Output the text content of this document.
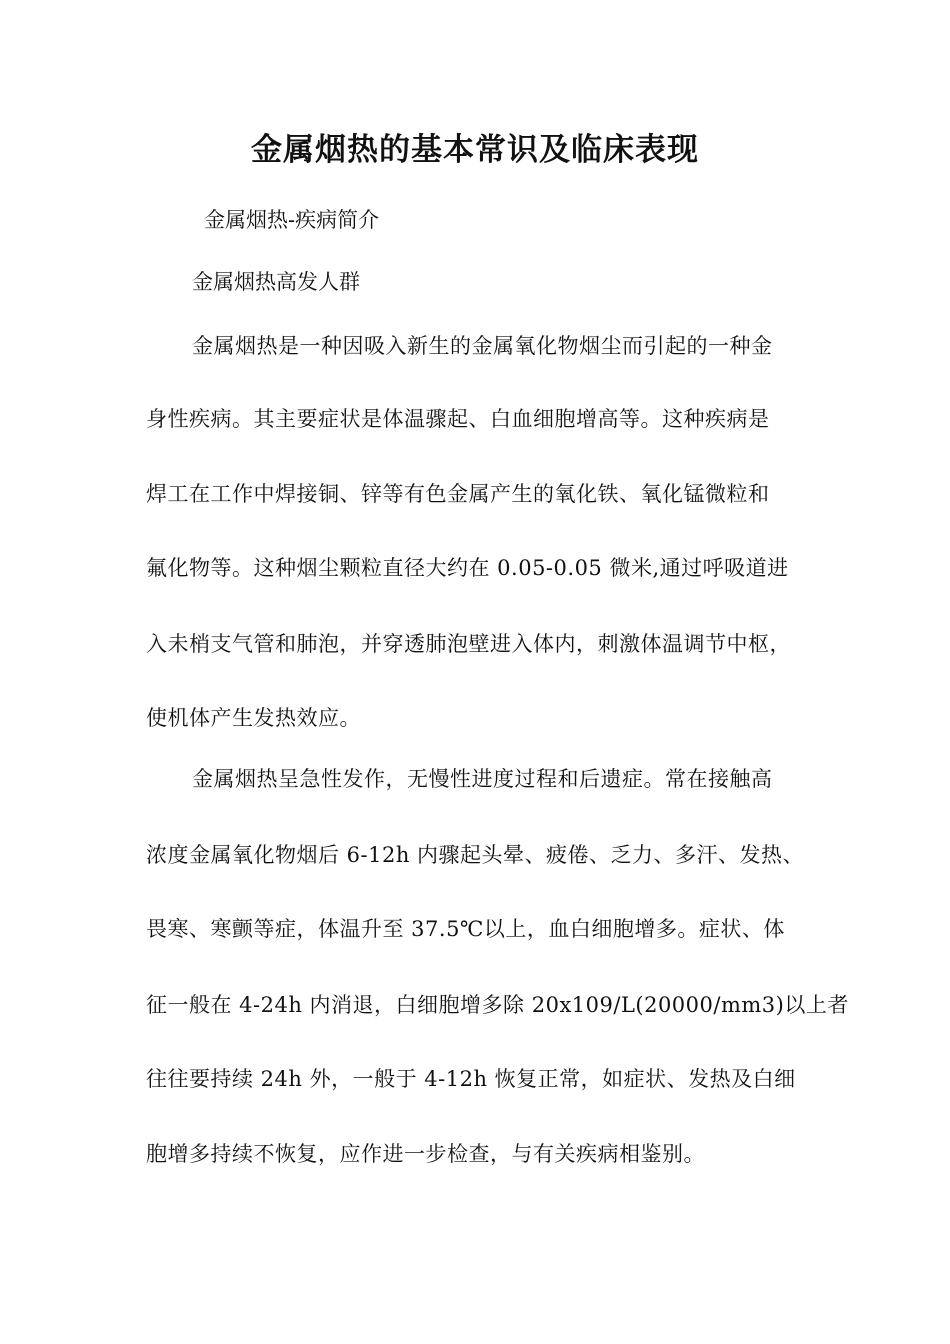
金属烟热的基本常识及临床表现
金属烟热-疾病简介
金属烟热高发人群
金属烟热是一种因吸入新生的金属氧化物烟尘而引起的一种金
身性疾病。其主要症状是体温骤起、白血细胞增高等。这种疾病是
焊工在工作中焊接铜、锌等有色金属产生的氧化铁、氧化锰微粒和
氟化物等。这种烟尘颗粒直径大约在 0.05-0.05 微米,通过呼吸道进
入未梢支气管和肺泡，并穿透肺泡壁进入体内，刺激体温调节中枢，
使机体产生发热效应。
金属烟热呈急性发作，无慢性进度过程和后遗症。常在接触高
浓度金属氧化物烟后 6-12h 内骤起头晕、疲倦、乏力、多汗、发热、
畏寒、寒颤等症，体温升至 37.5℃以上，血白细胞增多。症状、体
征一般在 4-24h 内消退，白细胞增多除 20x109/L(20000/mm3)以上者
往往要持续 24h 外，一般于 4-12h 恢复正常，如症状、发热及白细
胞增多持续不恢复，应作进一步检查，与有关疾病相鉴别。
